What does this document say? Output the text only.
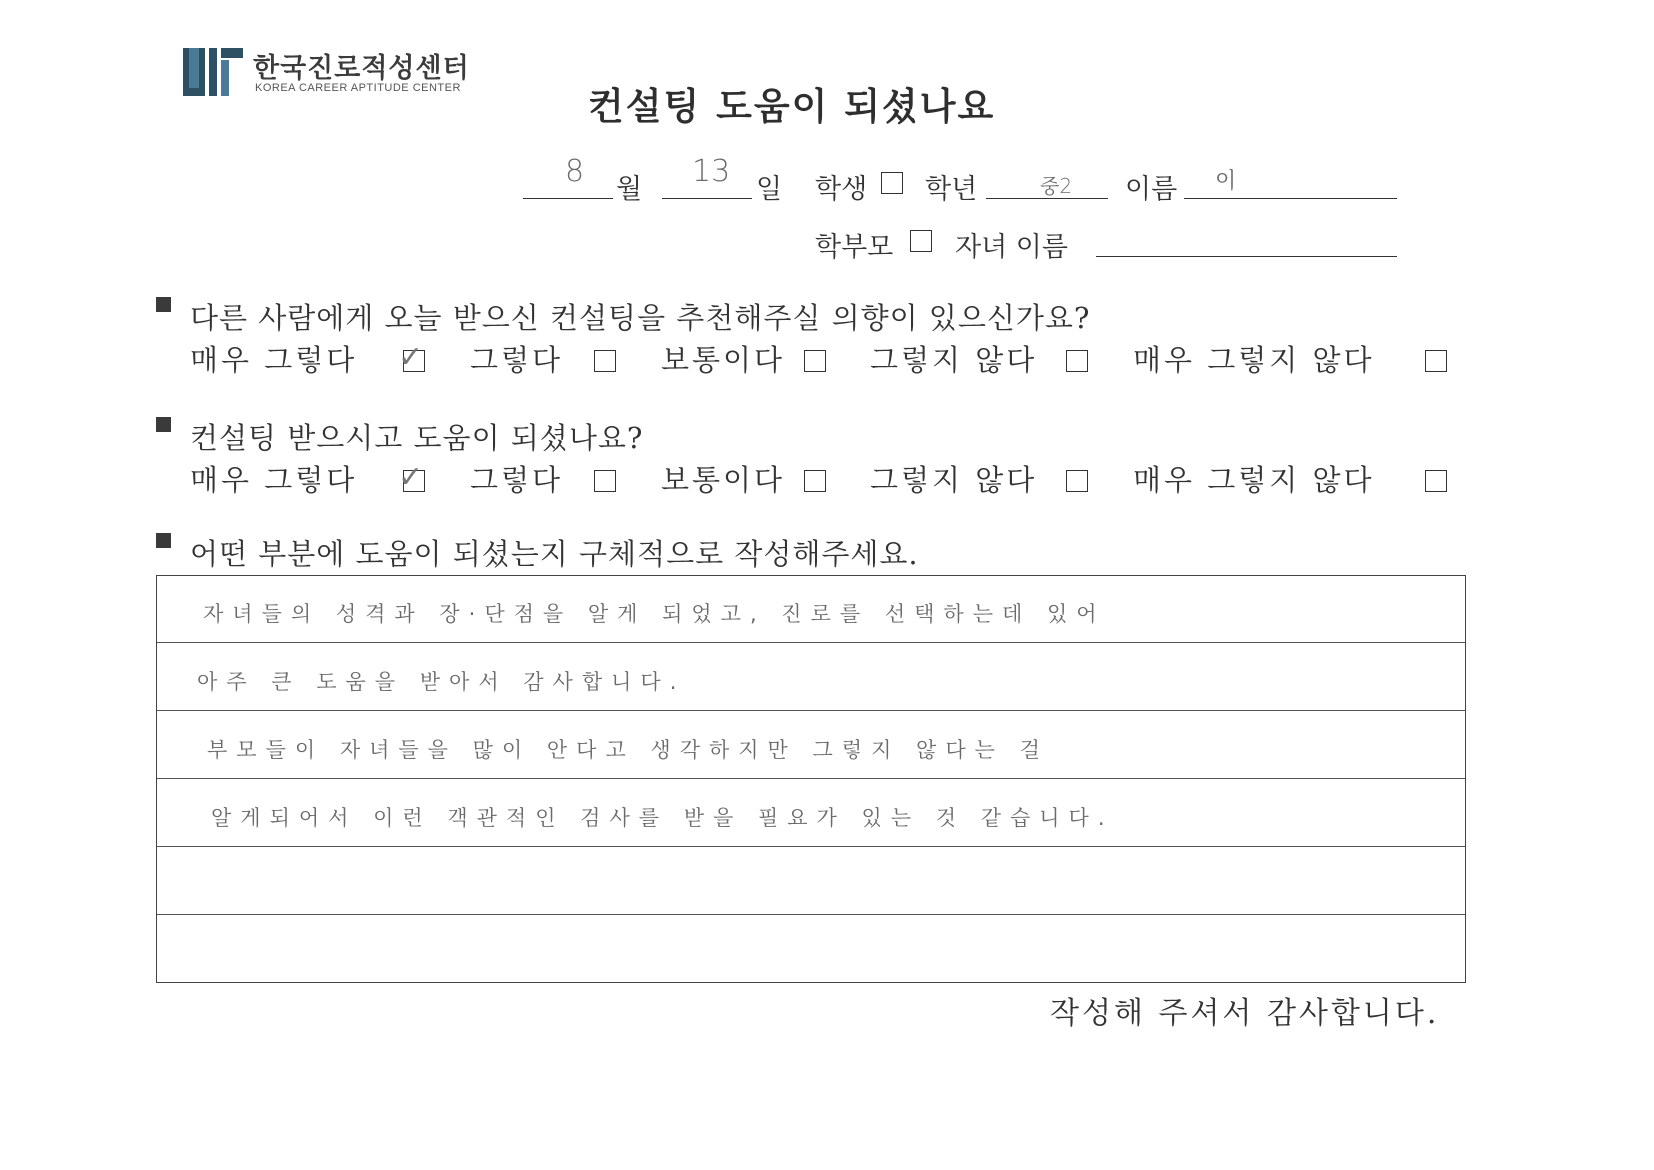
한국진로적성센터
KOREA CAREER APTITUDE CENTER	컨설팅 도움이 되셨나요
8
월
13
일 학생 학년	중2 이름 이
학부모 자녀 이름
다른 사람에게 오늘 받으신 컨설팅을 추천해주실 의향이 있으신가요?
매우 그렇다 ✓ 그렇다	보통이다	그렇지 않다	매우 그렇지 않다
컨설팅 받으시고 도움이 되셨나요?
매우 그렇다 ✓ 그렇다	보통이다	그렇지 않다	매우 그렇지 않다
어떤 부분에 도움이 되셨는지 구체적으로 작성해주세요.
자녀들의 성격과 장·단점을 알게 되었고, 진로를 선택하는데 있어
아주 큰 도움을 받아서 감사합니다.
부모들이 자녀들을 많이 안다고 생각하지만 그렇지 않다는 걸
알게되어서 이런 객관적인 검사를 받을 필요가 있는 것 같습니다.
작성해 주셔서 감사합니다.
